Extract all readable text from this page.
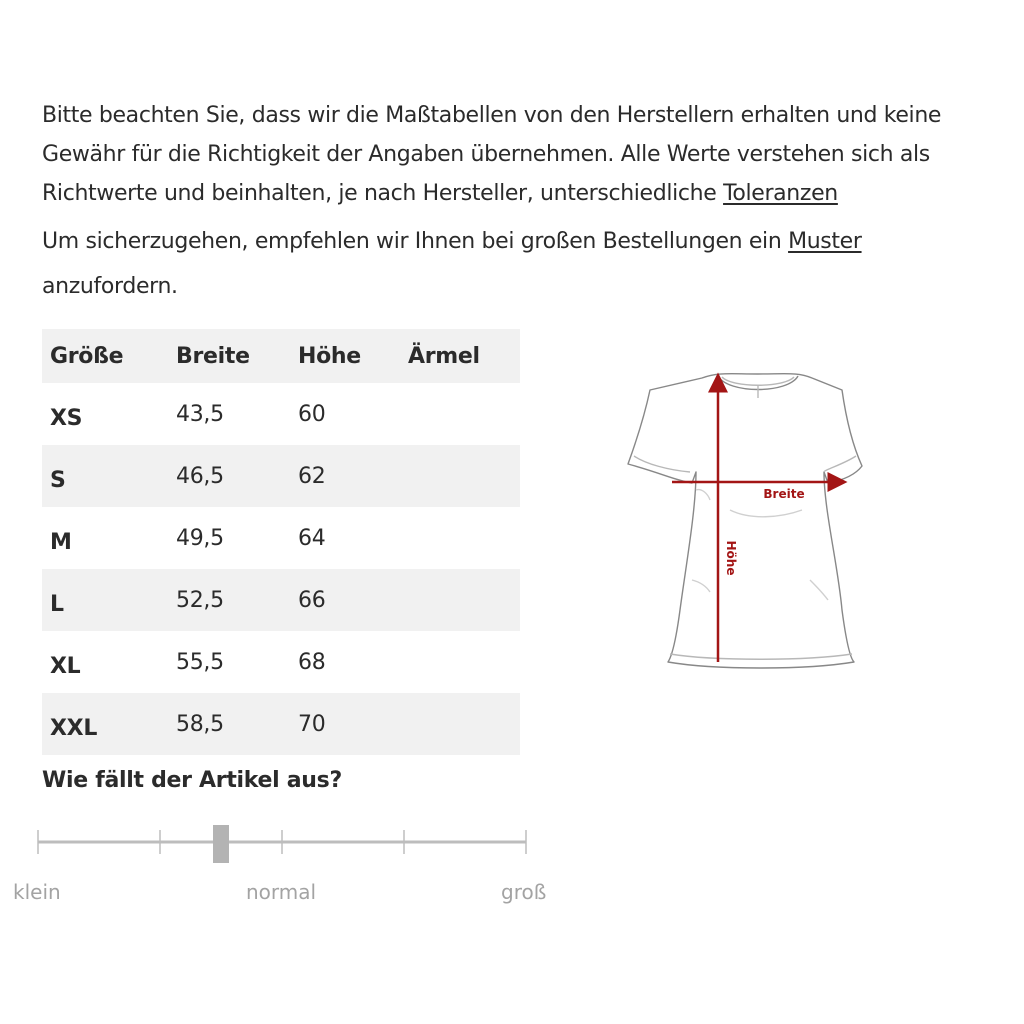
Bitte beachten Sie, dass wir die Maßtabellen von den Herstellern erhalten und keine Gewähr für die Richtigkeit der Angaben übernehmen. Alle Werte verstehen sich als Richtwerte und beinhalten, je nach Hersteller, unterschiedliche Toleranzen

Um sicherzugehen, empfehlen wir Ihnen bei großen Bestellungen ein Muster anzufordern.

Größe	Breite	Höhe	Ärmel
XS	43,5	60	
S	46,5	62	
M	49,5	64	
L	52,5	66	
XL	55,5	68	
XXL	58,5	70	
Breite
Höhe
Wie fällt der Artikel aus?
klein	normal	groß
